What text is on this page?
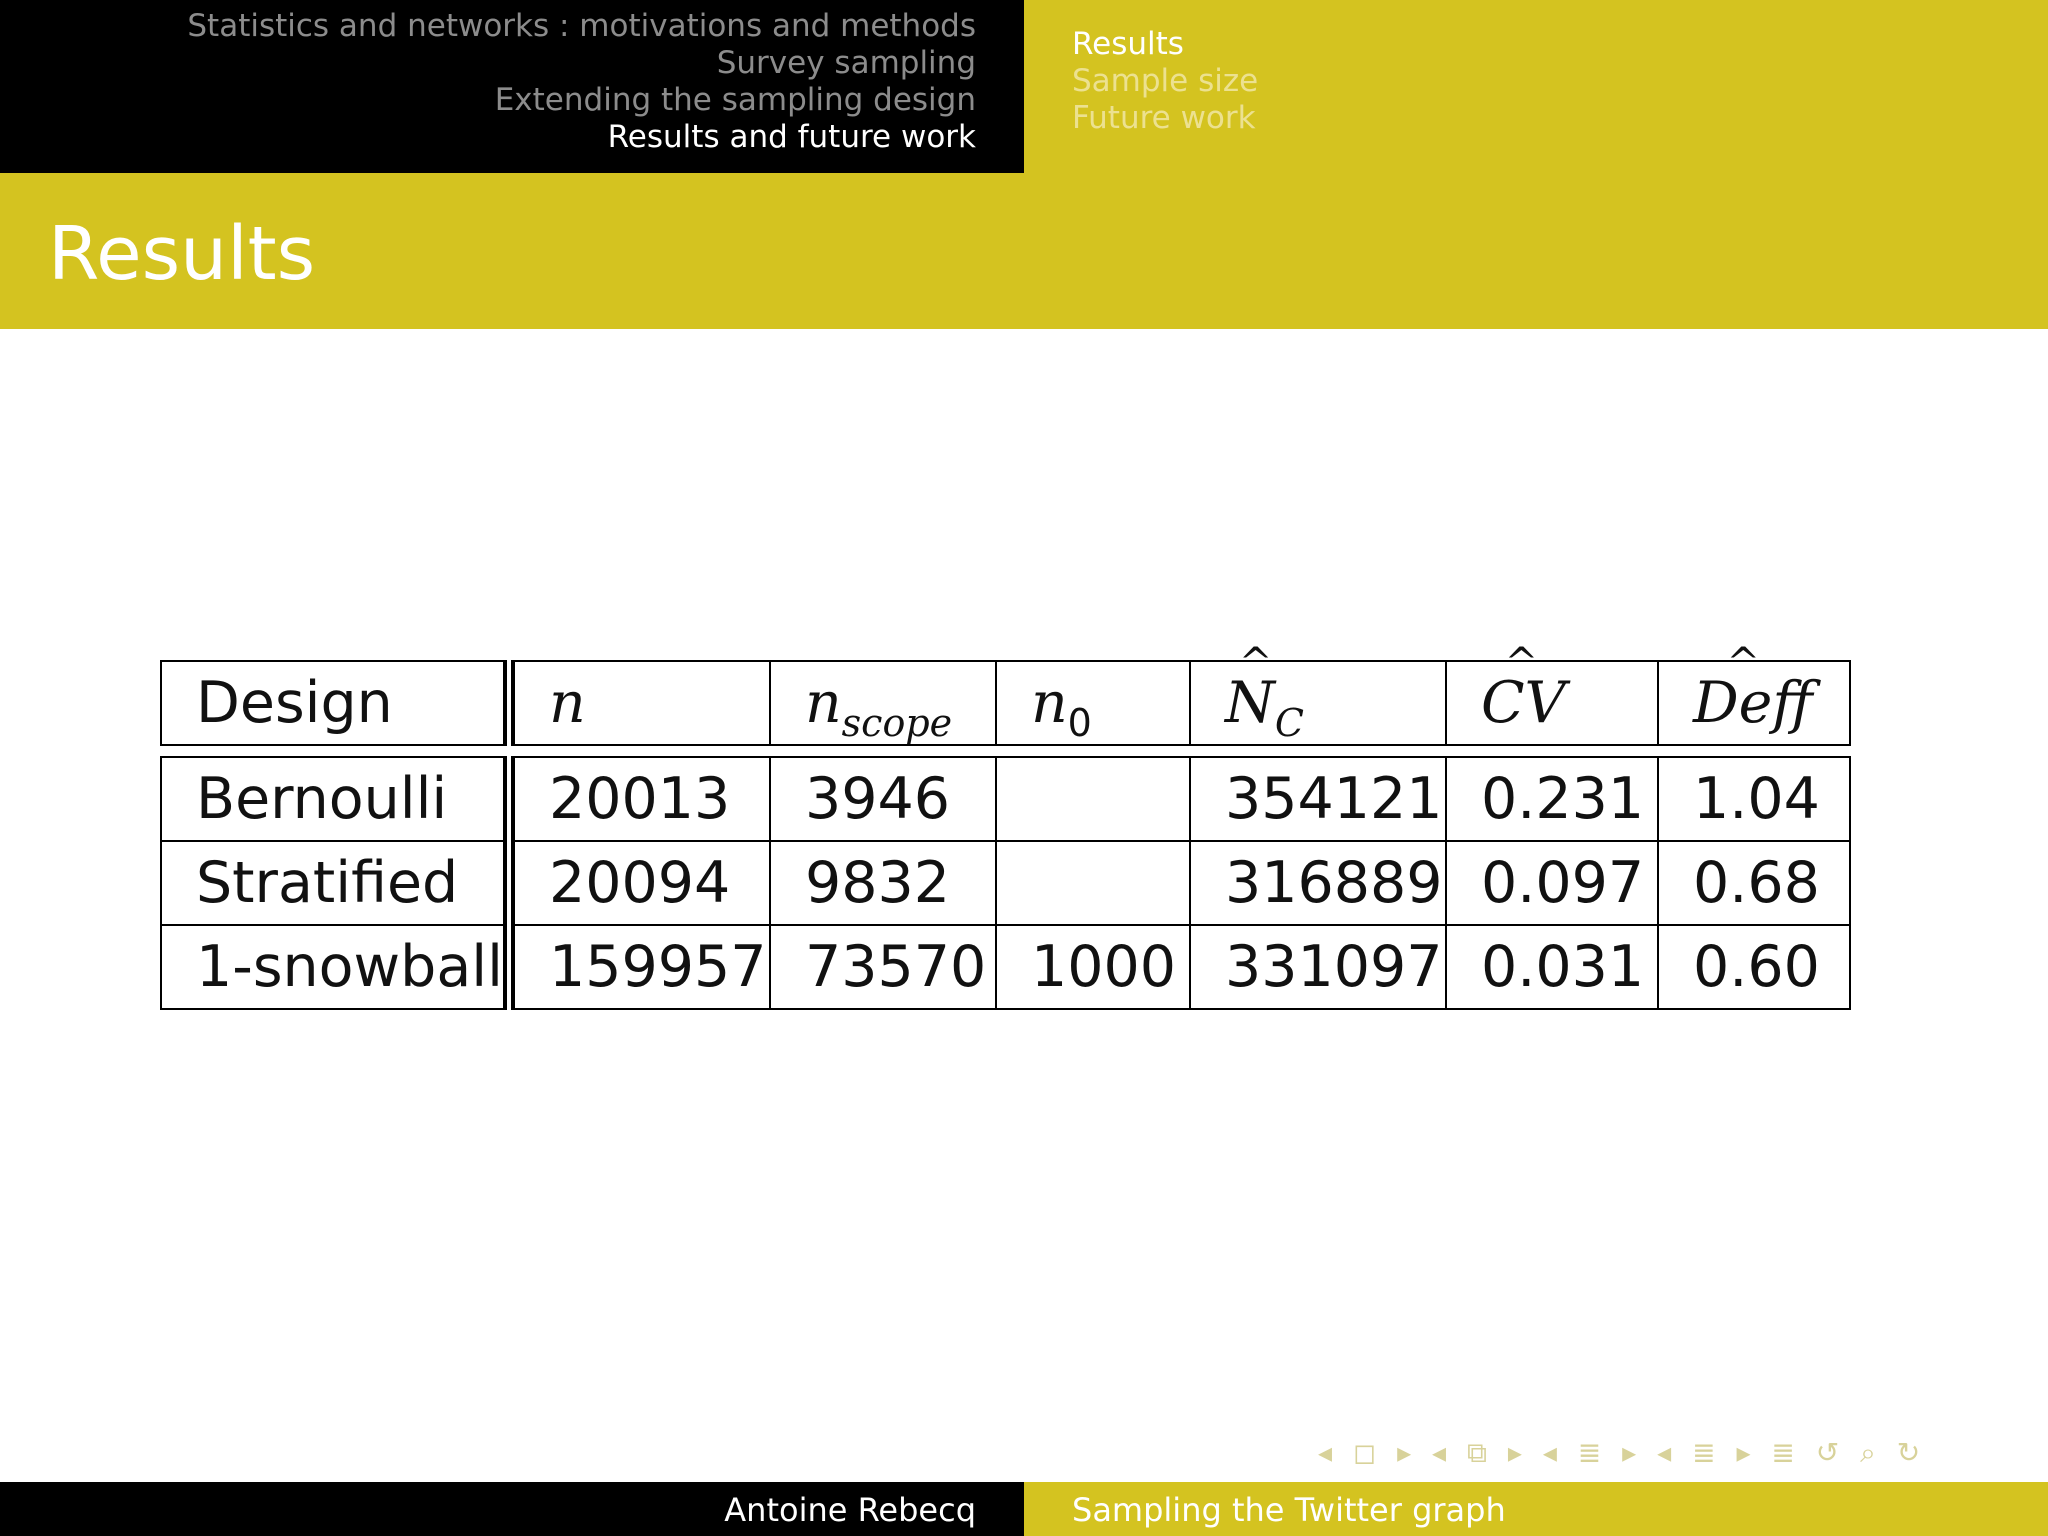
Statistics and networks : motivations and methods
Survey sampling
Extending the sampling design
Results and future work
Results
Sample size
Future work
Results
Design	n	$n_{scope}$	$n_0$	^ $N_C$	^ CV	^ Deff

Bernoulli	20013	3946		354121	0.231	1.04
Stratified	20094	9832		316889	0.097	0.68
1-snowball	159957	73570	1000	331097	0.031	0.60
◂ ◻ ▸ ◂ ⧉ ▸ ◂ ≣ ▸ ◂ ≣ ▸ ≣ ↺ ⌕ ↻
Antoine Rebecq	Sampling the Twitter graph
